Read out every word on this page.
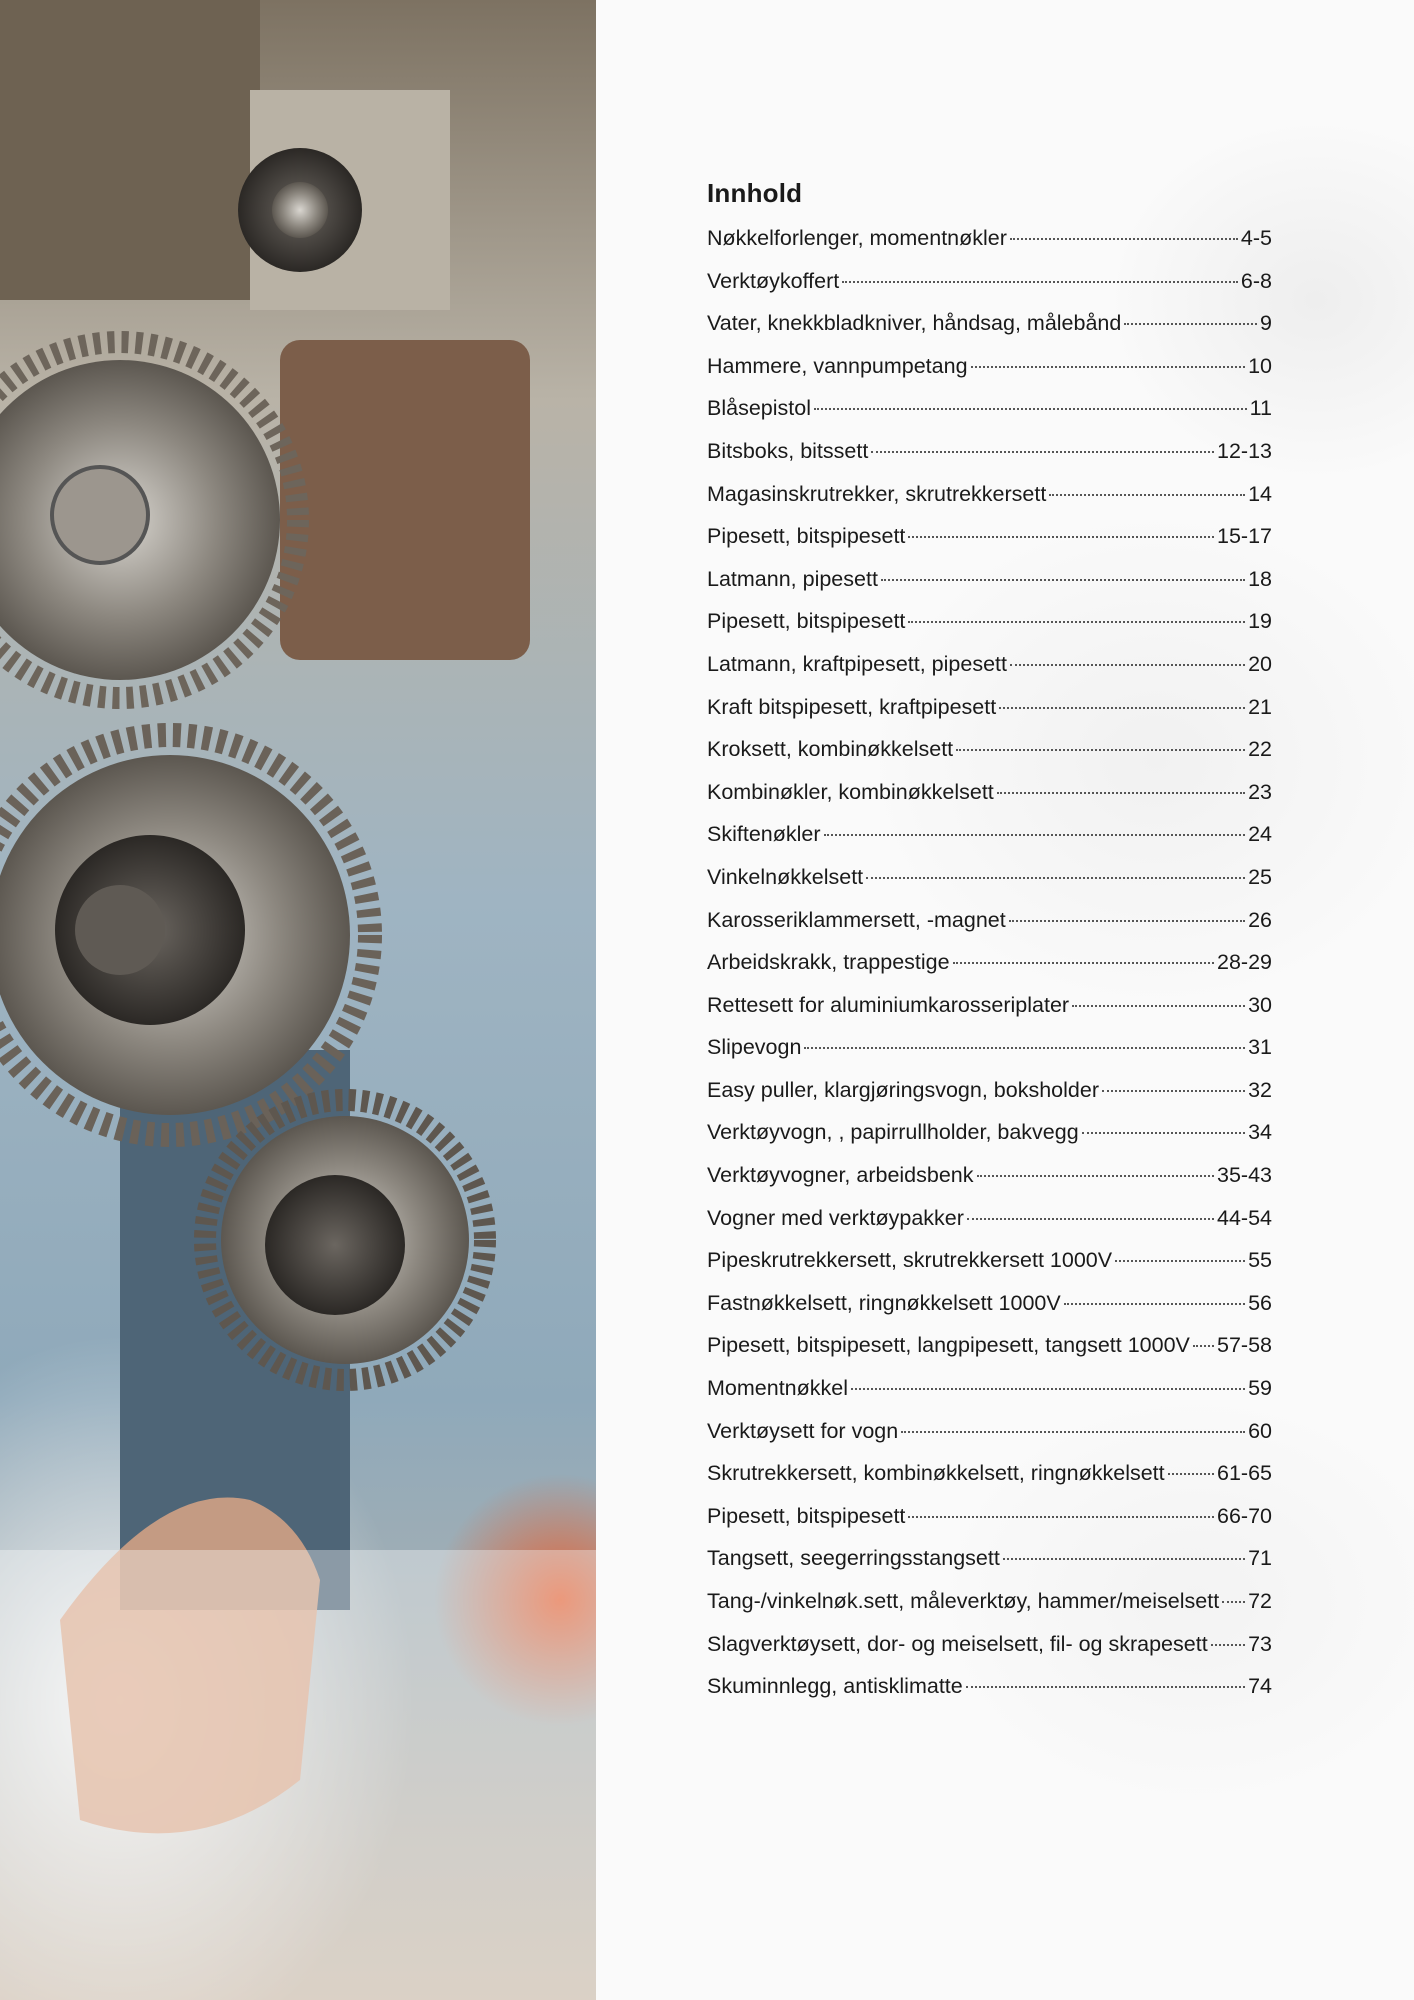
Innhold
Nøkkelforlenger, momentnøkler	4-5
Verktøykoffert	6-8
Vater, knekkbladkniver, håndsag, målebånd	9
Hammere, vannpumpetang	10
Blåsepistol	11
Bitsboks, bitssett	12-13
Magasinskrutrekker, skrutrekkersett	14
Pipesett, bitspipesett	15-17
Latmann, pipesett	18
Pipesett, bitspipesett	19
Latmann, kraftpipesett, pipesett	20
Kraft bitspipesett, kraftpipesett	21
Kroksett, kombinøkkelsett	22
Kombinøkler, kombinøkkelsett	23
Skiftenøkler	24
Vinkelnøkkelsett	25
Karosseriklammersett, -magnet	26
Arbeidskrakk, trappestige	28-29
Rettesett for aluminiumkarosseriplater	30
Slipevogn	31
Easy puller, klargjøringsvogn, boksholder	32
Verktøyvogn, , papirrullholder, bakvegg	34
Verktøyvogner, arbeidsbenk	35-43
Vogner med verktøypakker	44-54
Pipeskrutrekkersett, skrutrekkersett 1000V	55
Fastnøkkelsett, ringnøkkelsett 1000V	56
Pipesett, bitspipesett, langpipesett, tangsett 1000V 57-58
Momentnøkkel	59
Verktøysett for vogn	60
Skrutrekkersett, kombinøkkelsett, ringnøkkelsett 61-65
Pipesett, bitspipesett	66-70
Tangsett, seegerringsstangsett	71
Tang-/vinkelnøk.sett, måleverktøy, hammer/meiselsett 72
Slagverktøysett, dor- og meiselsett, fil- og skrapesett 73
Skuminnlegg, antisklimatte	74
